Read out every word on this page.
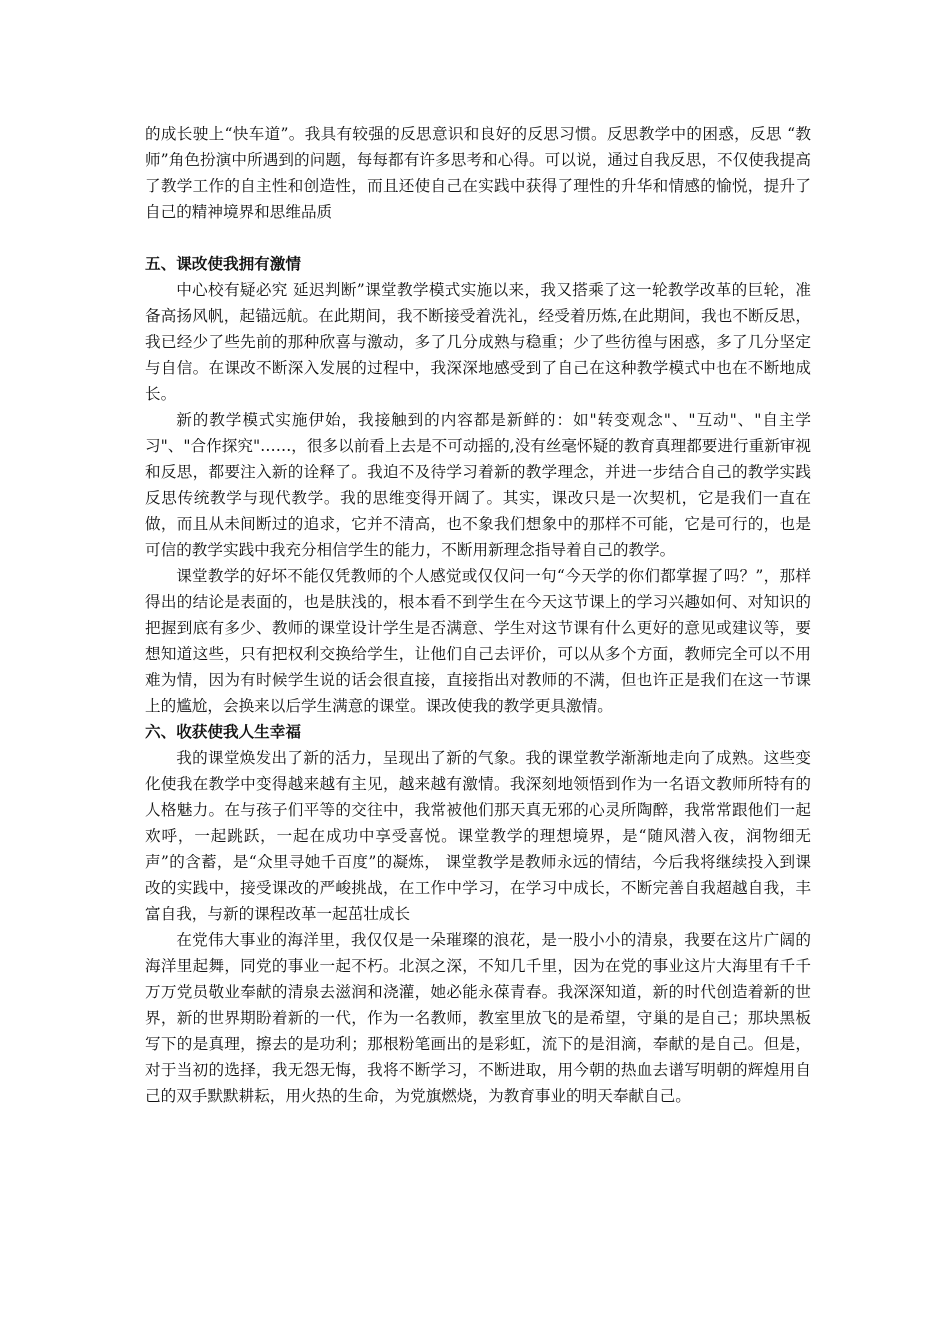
的成长驶上“快车道”。我具有较强的反思意识和良好的反思习惯。反思教学中的困惑，反思 “教师”角色扮演中所遇到的问题，每每都有许多思考和心得。可以说，通过自我反思，不仅使我提高了教学工作的自主性和创造性，而且还使自己在实践中获得了理性的升华和情感的愉悦，提升了自己的精神境界和思维品质

五、课改使我拥有激情

中心校有疑必究 延迟判断”课堂教学模式实施以来，我又搭乘了这一轮教学改革的巨轮，准备高扬风帆，起锚远航。在此期间，我不断接受着洗礼，经受着历炼,在此期间，我也不断反思，我已经少了些先前的那种欣喜与激动，多了几分成熟与稳重；少了些彷徨与困惑，多了几分坚定与自信。在课改不断深入发展的过程中，我深深地感受到了自己在这种教学模式中也在不断地成长。

新的教学模式实施伊始，我接触到的内容都是新鲜的：如"转变观念"、"互动"、"自主学习"、"合作探究"……，很多以前看上去是不可动摇的,没有丝毫怀疑的教育真理都要进行重新审视和反思，都要注入新的诠释了。我迫不及待学习着新的教学理念，并进一步结合自己的教学实践反思传统教学与现代教学。我的思维变得开阔了。其实，课改只是一次契机，它是我们一直在做，而且从未间断过的追求，它并不清高，也不象我们想象中的那样不可能，它是可行的，也是可信的教学实践中我充分相信学生的能力，不断用新理念指导着自己的教学。

课堂教学的好坏不能仅凭教师的个人感觉或仅仅问一句“今天学的你们都掌握了吗？”，那样得出的结论是表面的，也是肤浅的，根本看不到学生在今天这节课上的学习兴趣如何、对知识的把握到底有多少、教师的课堂设计学生是否满意、学生对这节课有什么更好的意见或建议等，要想知道这些，只有把权利交换给学生，让他们自己去评价，可以从多个方面，教师完全可以不用难为情，因为有时候学生说的话会很直接，直接指出对教师的不满，但也许正是我们在这一节课上的尴尬，会换来以后学生满意的课堂。课改使我的教学更具激情。

六、收获使我人生幸福

我的课堂焕发出了新的活力，呈现出了新的气象。我的课堂教学渐渐地走向了成熟。这些变化使我在教学中变得越来越有主见，越来越有激情。我深刻地领悟到作为一名语文教师所特有的人格魅力。在与孩子们平等的交往中，我常被他们那天真无邪的心灵所陶醉，我常常跟他们一起欢呼，一起跳跃，一起在成功中享受喜悦。课堂教学的理想境界，是“随风潜入夜，润物细无声”的含蓄，是“众里寻她千百度”的凝炼， 课堂教学是教师永远的情结，今后我将继续投入到课改的实践中，接受课改的严峻挑战，在工作中学习，在学习中成长，不断完善自我超越自我，丰富自我，与新的课程改革一起茁壮成长

在党伟大事业的海洋里，我仅仅是一朵璀璨的浪花，是一股小小的清泉，我要在这片广阔的海洋里起舞，同党的事业一起不朽。北溟之深，不知几千里，因为在党的事业这片大海里有千千万万党员敬业奉献的清泉去滋润和浇灌，她必能永葆青春。我深深知道，新的时代创造着新的世界，新的世界期盼着新的一代，作为一名教师，教室里放飞的是希望，守巢的是自己；那块黑板写下的是真理，擦去的是功利；那根粉笔画出的是彩虹，流下的是泪滴，奉献的是自己。但是，对于当初的选择，我无怨无悔，我将不断学习，不断进取，用今朝的热血去谱写明朝的辉煌用自己的双手默默耕耘，用火热的生命，为党旗燃烧，为教育事业的明天奉献自己。
